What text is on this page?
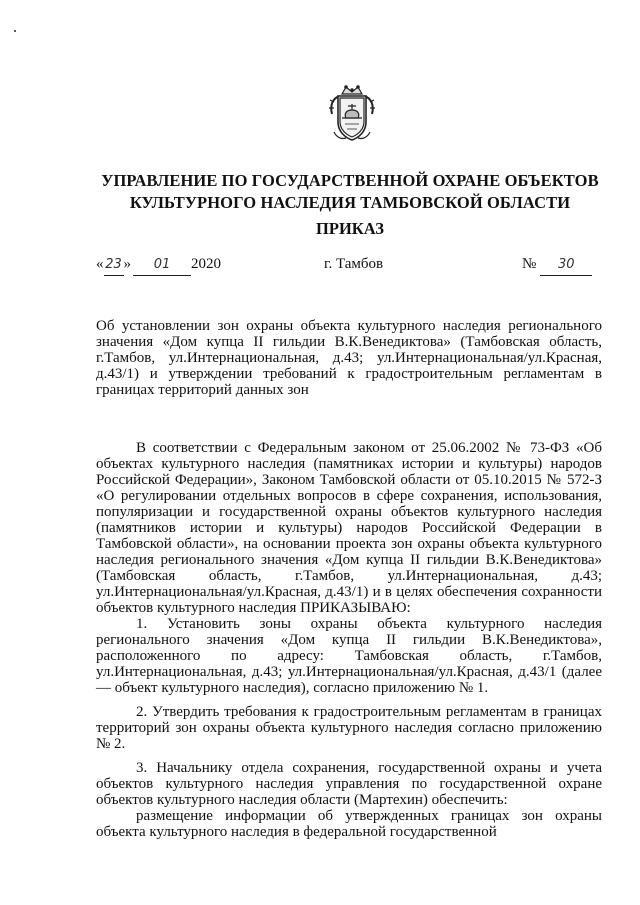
УПРАВЛЕНИЕ ПО ГОСУДАРСТВЕННОЙ ОХРАНЕ ОБЪЕКТОВ
КУЛЬТУРНОГО НАСЛЕДИЯ ТАМБОВСКОЙ ОБЛАСТИ
ПРИКАЗ
« 23 » 01 2020	г. Тамбов	№ 30
Об установлении зон охраны объекта культурного наследия регионального значения «Дом купца II гильдии В.К.Венедиктова» (Тамбовская область, г.Тамбов, ул.Интернациональная, д.43; ул.Интернациональная/ул.Красная, д.43/1) и утверждении требований к градостроительным регламентам в границах территорий данных зон

В соответствии с Федеральным законом от 25.06.2002 № 73-ФЗ «Об объектах культурного наследия (памятниках истории и культуры) народов Российской Федерации», Законом Тамбовской области от 05.10.2015 № 572-З «О регулировании отдельных вопросов в сфере сохранения, использования, популяризации и государственной охраны объектов культурного наследия (памятников истории и культуры) народов Российской Федерации в Тамбовской области», на основании проекта зон охраны объекта культурного наследия регионального значения «Дом купца II гильдии В.К.Венедиктова» (Тамбовская область, г.Тамбов, ул.Интернациональная, д.43; ул.Интернациональная/ул.Красная, д.43/1) и в целях обеспечения сохранности объектов культурного наследия ПРИКАЗЫВАЮ:

1. Установить зоны охраны объекта культурного наследия регионального значения «Дом купца II гильдии В.К.Венедиктова», расположенного по адресу: Тамбовская область, г.Тамбов, ул.Интернациональная, д.43; ул.Интернациональная/ул.Красная, д.43/1 (далее — объект культурного наследия), согласно приложению № 1.

2. Утвердить требования к градостроительным регламентам в границах территорий зон охраны объекта культурного наследия согласно приложению № 2.

3. Начальнику отдела сохранения, государственной охраны и учета объектов культурного наследия управления по государственной охране объектов культурного наследия области (Мартехин) обеспечить:

размещение информации об утвержденных границах зон охраны объекта культурного наследия в федеральной государственной
